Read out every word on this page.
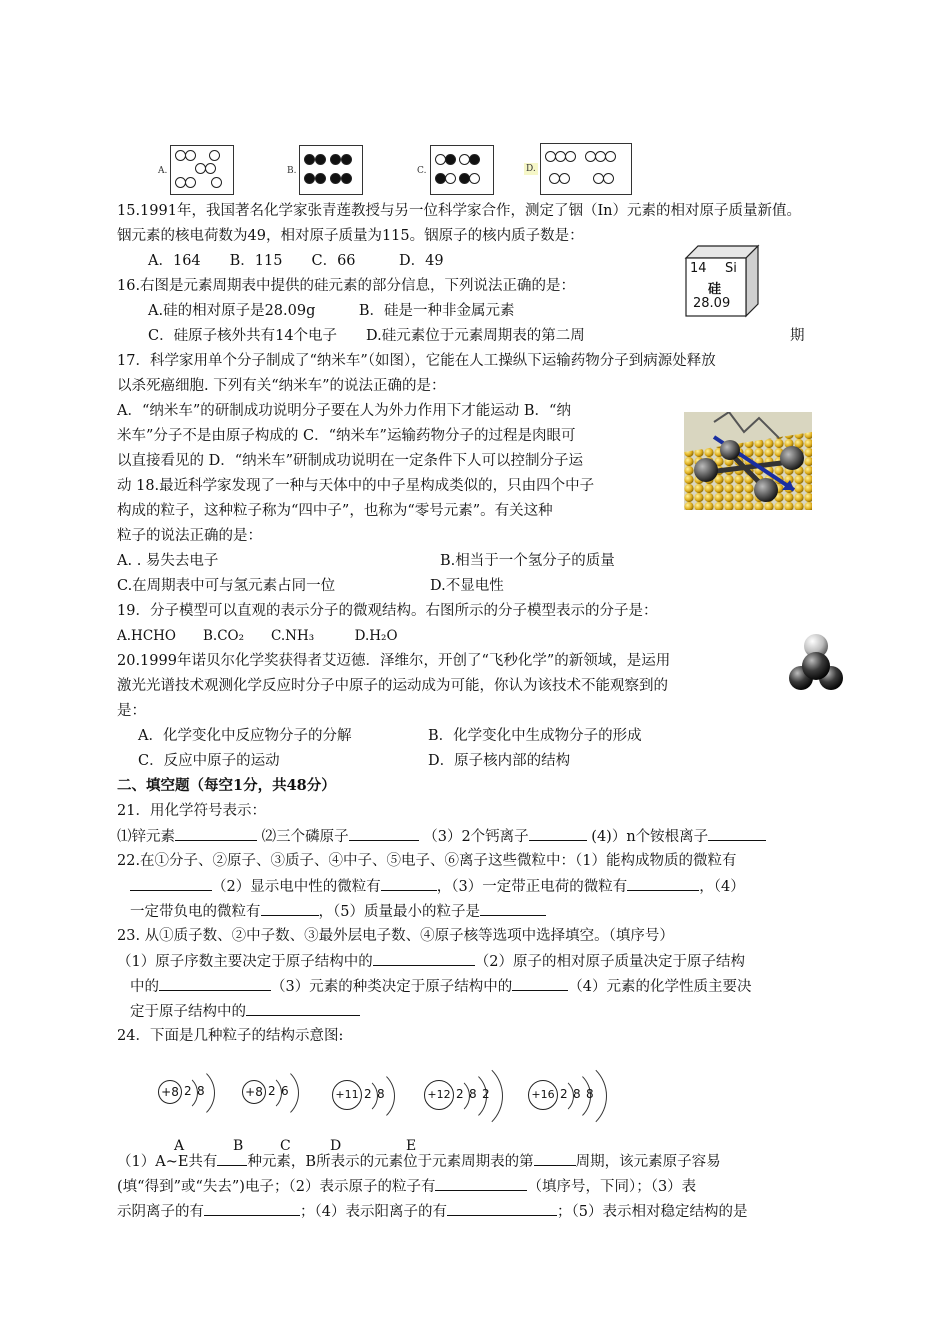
A.	B.	C.	D.
15.1991年，我国著名化学家张青莲教授与另一位科学家合作，测定了铟（In）元素的相对原子质量新值。
铟元素的核电荷数为49，相对原子质量为115。铟原子的核内质子数是：
A．164　　B．115　　C．66　　　D．49	14 Si
硅
28.09
16.右图是元素周期表中提供的硅元素的部分信息，下列说法正确的是：
A.硅的相对原子是28.09g　　　B．硅是一种非金属元素
C．硅原子核外共有14个电子　　D.硅元素位于元素周期表的第二周	期
17．科学家用单个分子制成了“纳米车”（如图），它能在人工操纵下运输药物分子到病源处释放
以杀死癌细胞. 下列有关“纳米车”的说法正确的是：
A．“纳米车”的研制成功说明分子要在人为外力作用下才能运动 B．“纳
米车”分子不是由原子构成的 C．“纳米车”运输药物分子的过程是肉眼可
以直接看见的 D．“纳米车”研制成功说明在一定条件下人可以控制分子运
动 18.最近科学家发现了一种与天体中的中子星构成类似的，只由四个中子
构成的粒子，这种粒子称为“四中子”，也称为“零号元素”。有关这种
粒子的说法正确的是：
A. . 易失去电子	B.相当于一个氢分子的质量
C.在周期表中可与氢元素占同一位	D.不显电性
19．分子模型可以直观的表示分子的微观结构。右图所示的分子模型表示的分子是：
A.HCHO　　B.CO₂　　C.NH₃　　　D.H₂O
20.1999年诺贝尔化学奖获得者艾迈德．泽维尔，开创了“飞秒化学”的新领域，是运用
激光光谱技术观测化学反应时分子中原子的运动成为可能，你认为该技术不能观察到的
是：
A．化学变化中反应物分子的分解	B．化学变化中生成物分子的形成
C．反应中原子的运动	D．原子核内部的结构
二、填空题（每空1分，共48分）
21．用化学符号表示：
⑴锌元素	⑵三个磷原子	（3）2个钙离子	(4)）n个铵根离子
22.在①分子、②原子、③质子、④中子、⑤电子、⑥离子这些微粒中：（1）能构成物质的微粒有
（2）显示电中性的微粒有	，（3）一定带正电荷的微粒有	，（4）
一定带负电的微粒有	，（5）质量最小的粒子是
23. 从①质子数、②中子数、③最外层电子数、④原子核等选项中选择填空。（填序号）
（1）原子序数主要决定于原子结构中的	（2）原子的相对原子质量决定于原子结构
中的	（3）元素的种类决定于原子结构中的	（4）元素的化学性质主要决
定于原子结构中的
24．下面是几种粒子的结构示意图:
+8 2 8	+8 2 6	+11 2 8	+12 2 8 2	+16 2 8 8
A	B	C	D	E
（1）A~E共有 种元素，B所表示的元素位于元素周期表的第	周期，该元素原子容易
(填“得到”或“失去”)电子；（2）表示原子的粒子有	（填序号，下同）；（3）表
示阴离子的有	；（4）表示阳离子的有	；（5）表示相对稳定结构的是
